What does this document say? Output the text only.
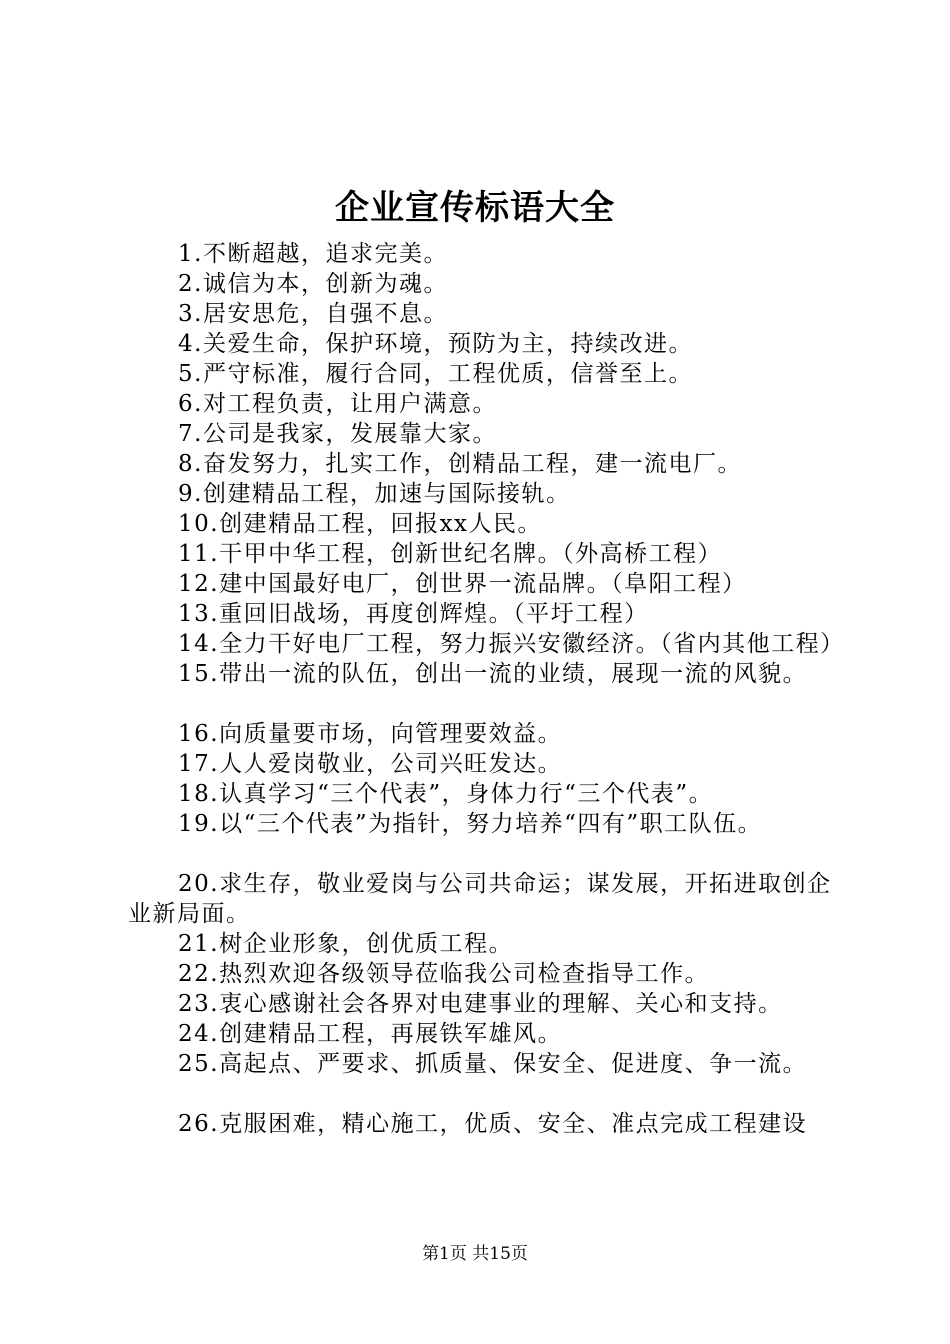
企业宣传标语大全

1.不断超越，追求完美。

2.诚信为本，创新为魂。

3.居安思危，自强不息。

4.关爱生命，保护环境，预防为主，持续改进。

5.严守标准，履行合同，工程优质，信誉至上。

6.对工程负责，让用户满意。

7.公司是我家，发展靠大家。

8.奋发努力，扎实工作，创精品工程，建一流电厂。

9.创建精品工程，加速与国际接轨。

10.创建精品工程，回报xx人民。

11.干甲中华工程，创新世纪名牌。（外高桥工程）

12.建中国最好电厂，创世界一流品牌。（阜阳工程）

13.重回旧战场，再度创辉煌。（平圩工程）

14.全力干好电厂工程，努力振兴安徽经济。（省内其他工程）

15.带出一流的队伍，创出一流的业绩，展现一流的风貌。

16.向质量要市场，向管理要效益。

17.人人爱岗敬业，公司兴旺发达。

18.认真学习“三个代表”，身体力行“三个代表”。

19.以“三个代表”为指针，努力培养“四有”职工队伍。

20.求生存，敬业爱岗与公司共命运；谋发展，开拓进取创企业新局面。

21.树企业形象，创优质工程。

22.热烈欢迎各级领导莅临我公司检查指导工作。

23.衷心感谢社会各界对电建事业的理解、关心和支持。

24.创建精品工程，再展铁军雄风。

25.高起点、严要求、抓质量、保安全、促进度、争一流。

26.克服困难，精心施工，优质、安全、准点完成工程建设

第1页 共15页
